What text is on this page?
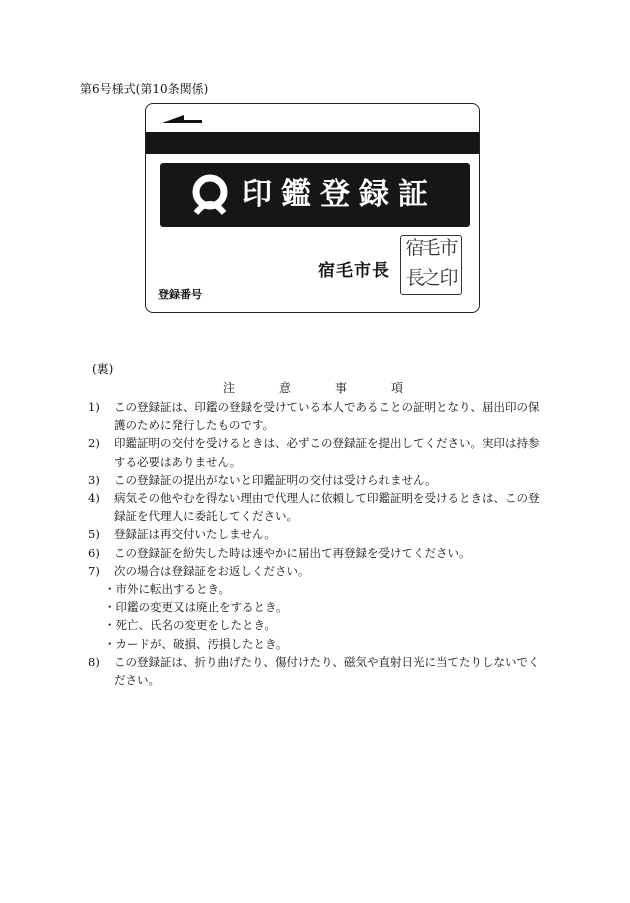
第6号様式(第10条関係)
印鑑登録証
宿毛市長
宿
毛
市
長
之
印
登録番号
(裏)
注	意	事	項
1)	この登録証は、印鑑の登録を受けている本人であることの証明となり、届出印の保
護のために発行したものです。
2)	印鑑証明の交付を受けるときは、必ずこの登録証を提出してください。実印は持参
する必要はありません。
3)	この登録証の提出がないと印鑑証明の交付は受けられません。
4)	病気その他やむを得ない理由で代理人に依頼して印鑑証明を受けるときは、この登
録証を代理人に委託してください。
5)	登録証は再交付いたしません。
6)	この登録証を紛失した時は速やかに届出て再登録を受けてください。
7)	次の場合は登録証をお返しください。
・市外に転出するとき。
・印鑑の変更又は廃止をするとき。
・死亡、氏名の変更をしたとき。
・カードが、破損、汚損したとき。
8)	この登録証は、折り曲げたり、傷付けたり、磁気や直射日光に当てたりしないでく
ださい。
